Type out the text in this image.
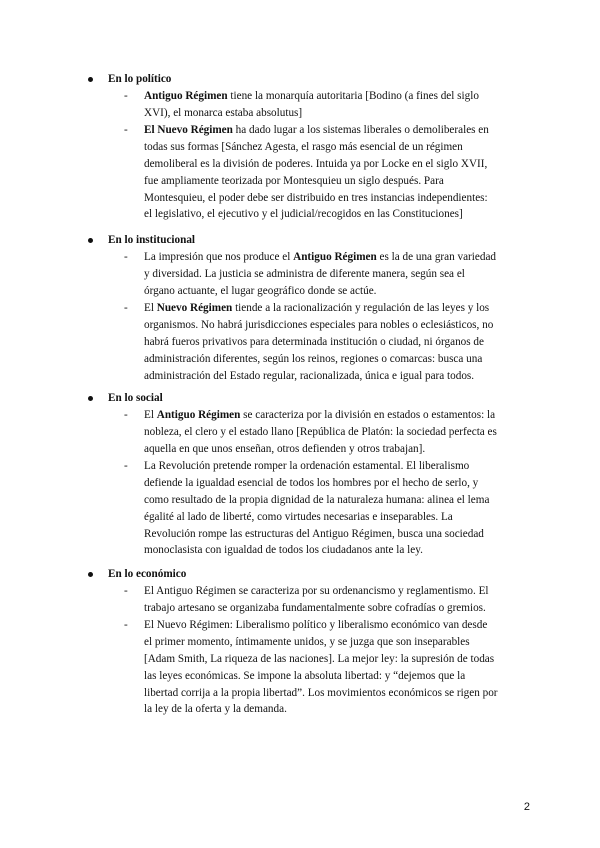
En lo político
- Antiguo Régimen tiene la monarquía autoritaria [Bodino (a fines del siglo
XVI), el monarca estaba absolutus]
- El Nuevo Régimen ha dado lugar a los sistemas liberales o demoliberales en
todas sus formas [Sánchez Agesta, el rasgo más esencial de un régimen
demoliberal es la división de poderes. Intuida ya por Locke en el siglo XVII,
fue ampliamente teorizada por Montesquieu un siglo después. Para
Montesquieu, el poder debe ser distribuido en tres instancias independientes:
el legislativo, el ejecutivo y el judicial/recogidos en las Constituciones]
En lo institucional
- La impresión que nos produce el Antiguo Régimen es la de una gran variedad
y diversidad. La justicia se administra de diferente manera, según sea el
órgano actuante, el lugar geográfico donde se actúe.
- El Nuevo Régimen tiende a la racionalización y regulación de las leyes y los
organismos. No habrá jurisdicciones especiales para nobles o eclesiásticos, no
habrá fueros privativos para determinada institución o ciudad, ni órganos de
administración diferentes, según los reinos, regiones o comarcas: busca una
administración del Estado regular, racionalizada, única e igual para todos.
En lo social
- El Antiguo Régimen se caracteriza por la división en estados o estamentos: la
nobleza, el clero y el estado llano [República de Platón: la sociedad perfecta es
aquella en que unos enseñan, otros defienden y otros trabajan].
- La Revolución pretende romper la ordenación estamental. El liberalismo
defiende la igualdad esencial de todos los hombres por el hecho de serlo, y
como resultado de la propia dignidad de la naturaleza humana: alinea el lema
égalité al lado de liberté, como virtudes necesarias e inseparables. La
Revolución rompe las estructuras del Antiguo Régimen, busca una sociedad
monoclasista con igualdad de todos los ciudadanos ante la ley.
En lo económico
- El Antiguo Régimen se caracteriza por su ordenancismo y reglamentismo. El
trabajo artesano se organizaba fundamentalmente sobre cofradías o gremios.
- El Nuevo Régimen: Liberalismo político y liberalismo económico van desde
el primer momento, íntimamente unidos, y se juzga que son inseparables
[Adam Smith, La riqueza de las naciones]. La mejor ley: la supresión de todas
las leyes económicas. Se impone la absoluta libertad: y “dejemos que la
libertad corrija a la propia libertad”. Los movimientos económicos se rigen por
la ley de la oferta y la demanda.
2
